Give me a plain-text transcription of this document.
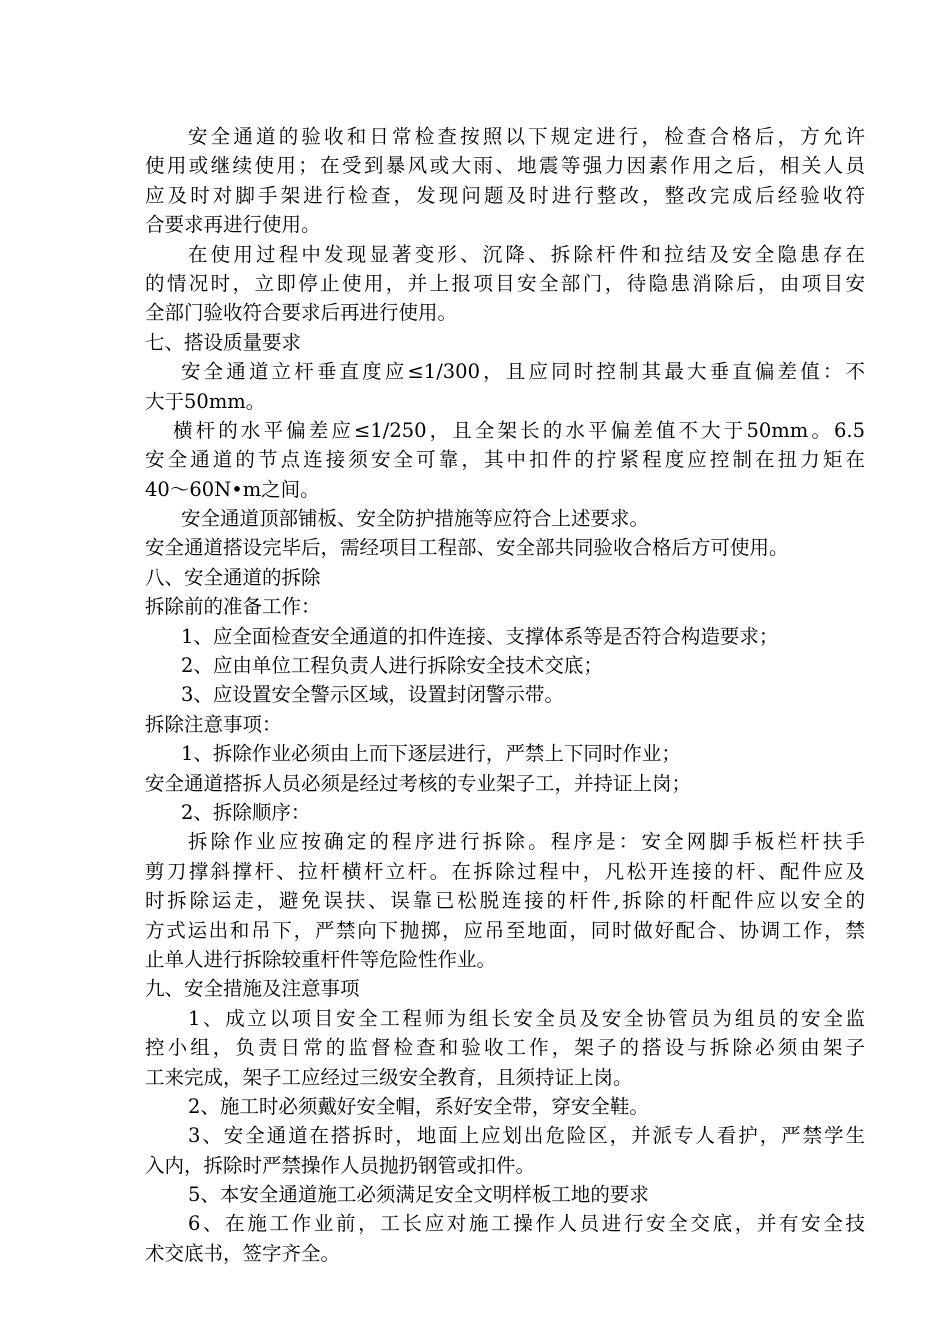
安全通道的验收和日常检查按照以下规定进行，检查合格后，方允许
使用或继续使用；在受到暴风或大雨、地震等强力因素作用之后，相关人员
应及时对脚手架进行检查，发现问题及时进行整改，整改完成后经验收符
合要求再进行使用。
在使用过程中发现显著变形、沉降、拆除杆件和拉结及安全隐患存在
的情况时，立即停止使用，并上报项目安全部门，待隐患消除后，由项目安
全部门验收符合要求后再进行使用。
七、搭设质量要求
安全通道立杆垂直度应≤1/300，且应同时控制其最大垂直偏差值：不
大于50mm。
横杆的水平偏差应≤1/250，且全架长的水平偏差值不大于50mm。6.5
安全通道的节点连接须安全可靠，其中扣件的拧紧程度应控制在扭力矩在
40～60N•m之间。
安全通道顶部铺板、安全防护措施等应符合上述要求。
安全通道搭设完毕后，需经项目工程部、安全部共同验收合格后方可使用。
八、安全通道的拆除
拆除前的准备工作：
1、应全面检查安全通道的扣件连接、支撑体系等是否符合构造要求；
2、应由单位工程负责人进行拆除安全技术交底；
3、应设置安全警示区域，设置封闭警示带。
拆除注意事项：
1、拆除作业必须由上而下逐层进行，严禁上下同时作业；
安全通道搭拆人员必须是经过考核的专业架子工，并持证上岗；
2、拆除顺序：
拆除作业应按确定的程序进行拆除。程序是：安全网脚手板栏杆扶手
剪刀撑斜撑杆、拉杆横杆立杆。在拆除过程中，凡松开连接的杆、配件应及
时拆除运走，避免误扶、误靠已松脱连接的杆件,拆除的杆配件应以安全的
方式运出和吊下，严禁向下抛掷，应吊至地面，同时做好配合、协调工作，禁
止单人进行拆除较重杆件等危险性作业。
九、安全措施及注意事项
1、成立以项目安全工程师为组长安全员及安全协管员为组员的安全监
控小组，负责日常的监督检查和验收工作，架子的搭设与拆除必须由架子
工来完成，架子工应经过三级安全教育，且须持证上岗。
2、施工时必须戴好安全帽，系好安全带，穿安全鞋。
3、安全通道在搭拆时，地面上应划出危险区，并派专人看护，严禁学生
入内，拆除时严禁操作人员抛扔钢管或扣件。
5、本安全通道施工必须满足安全文明样板工地的要求
6、在施工作业前，工长应对施工操作人员进行安全交底，并有安全技
术交底书，签字齐全。
